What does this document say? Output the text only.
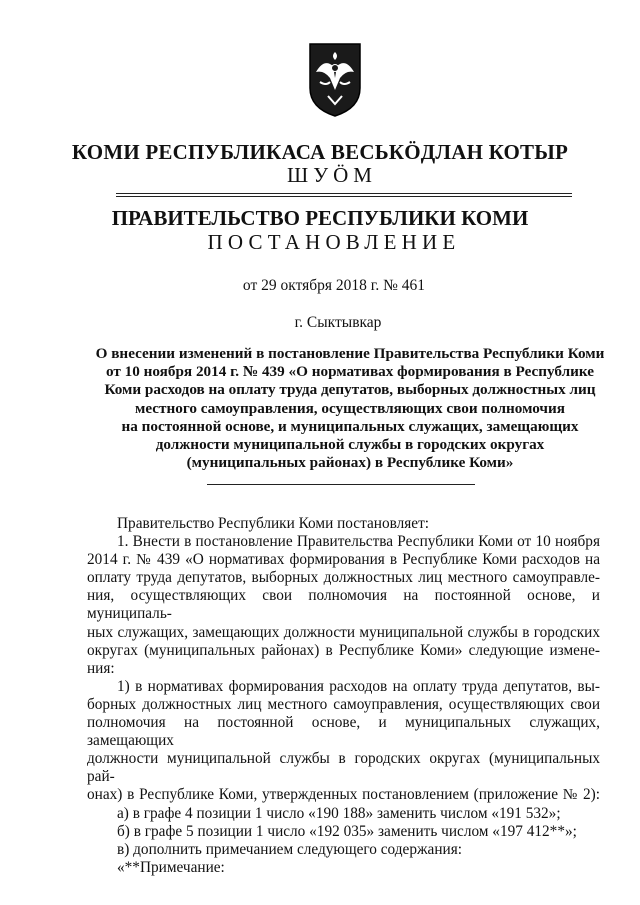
КОМИ РЕСПУБЛИКАСА ВЕСЬКӦДЛАН КОТЫР
ШУÖМ
ПРАВИТЕЛЬСТВО РЕСПУБЛИКИ КОМИ
ПОСТАНОВЛЕНИЕ
от 29 октября 2018 г. № 461
г. Сыктывкар
О внесении изменений в постановление Правительства Республики Коми
от 10 ноября 2014 г. № 439 «О нормативах формирования в Республике
Коми расходов на оплату труда депутатов, выборных должностных лиц
местного самоуправления, осуществляющих свои полномочия
на постоянной основе, и муниципальных служащих, замещающих
должности муниципальной службы в городских округах
(муниципальных районах) в Республике Коми»
Правительство Республики Коми постановляет:
1. Внести в постановление Правительства Республики Коми от 10 ноября
2014 г. № 439 «О нормативах формирования в Республике Коми расходов на
оплату труда депутатов, выборных должностных лиц местного самоуправле-
ния, осуществляющих свои полномочия на постоянной основе, и муниципаль-
ных служащих, замещающих должности муниципальной службы в городских
округах (муниципальных районах) в Республике Коми» следующие измене-
ния:
1) в нормативах формирования расходов на оплату труда депутатов, вы-
борных должностных лиц местного самоуправления, осуществляющих свои
полномочия на постоянной основе, и муниципальных служащих, замещающих
должности муниципальной службы в городских округах (муниципальных рай-
онах) в Республике Коми, утвержденных постановлением (приложение № 2):
а) в графе 4 позиции 1 число «190 188» заменить числом «191 532»;
б) в графе 5 позиции 1 число «192 035» заменить числом «197 412**»;
в) дополнить примечанием следующего содержания:
«**Примечание:
